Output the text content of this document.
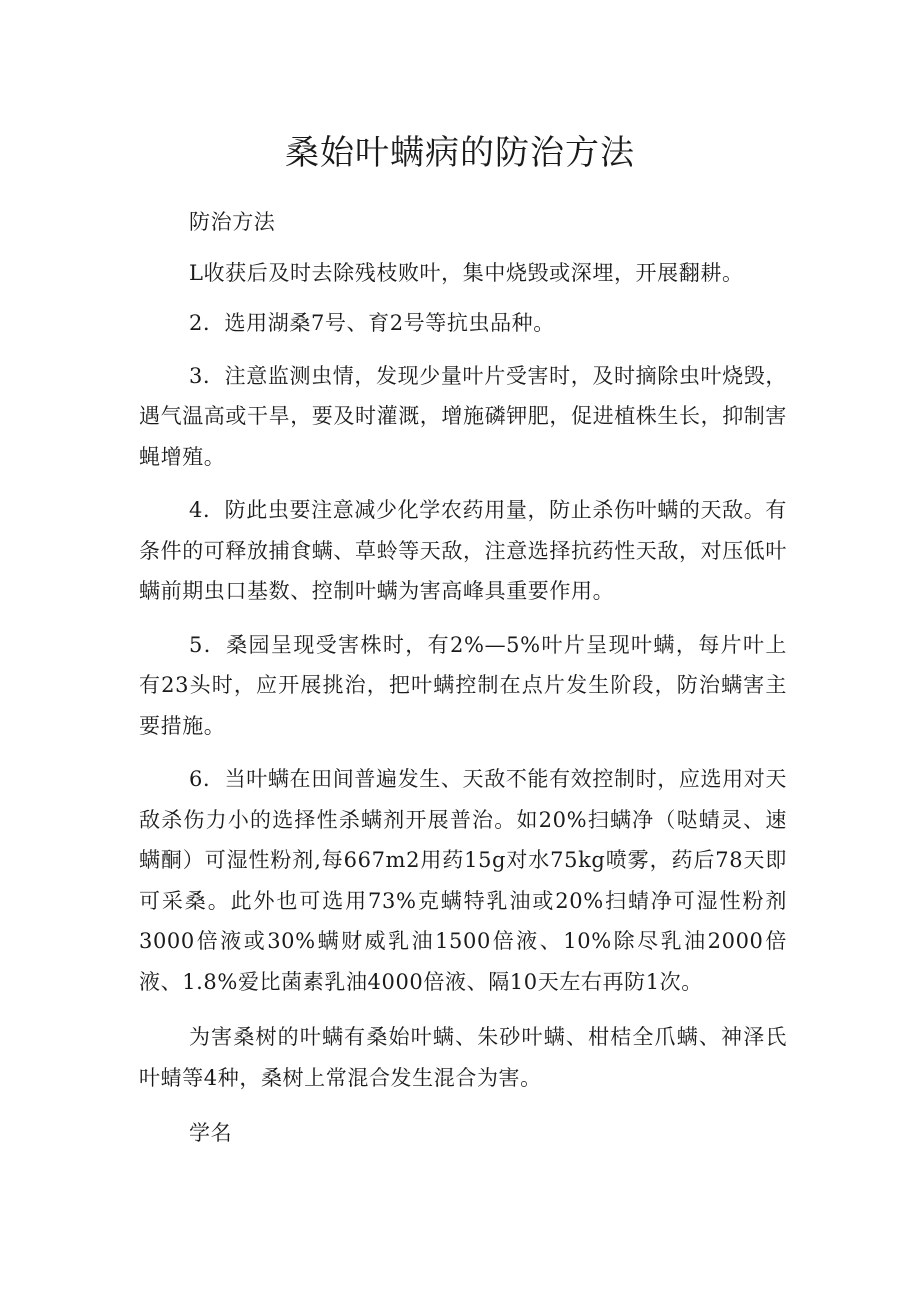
桑始叶螨病的防治方法

防治方法

L收获后及时去除残枝败叶，集中烧毁或深埋，开展翻耕。

2．选用湖桑7号、育2号等抗虫品种。

3．注意监测虫情，发现少量叶片受害时，及时摘除虫叶烧毁，遇气温高或干旱，要及时灌溉，增施磷钾肥，促进植株生长，抑制害蝇增殖。

4．防此虫要注意减少化学农药用量，防止杀伤叶螨的天敌。有条件的可释放捕食螨、草蛉等天敌，注意选择抗药性天敌，对压低叶螨前期虫口基数、控制叶螨为害高峰具重要作用。

5．桑园呈现受害株时，有2%—5%叶片呈现叶螨，每片叶上有23头时，应开展挑治，把叶螨控制在点片发生阶段，防治螨害主要措施。

6．当叶螨在田间普遍发生、天敌不能有效控制时，应选用对天敌杀伤力小的选择性杀螨剂开展普治。如20%扫螨净（哒蜻灵、速螨酮）可湿性粉剂,每667m2用药15g对水75kg喷雾，药后78天即可采桑。此外也可选用73%克螨特乳油或20%扫蜻净可湿性粉剂3000倍液或30%螨财威乳油1500倍液、10%除尽乳油2000倍液、1.8%爱比菌素乳油4000倍液、隔10天左右再防1次。

为害桑树的叶螨有桑始叶螨、朱砂叶螨、柑桔全爪螨、神泽氏叶蜻等4种，桑树上常混合发生混合为害。

学名
